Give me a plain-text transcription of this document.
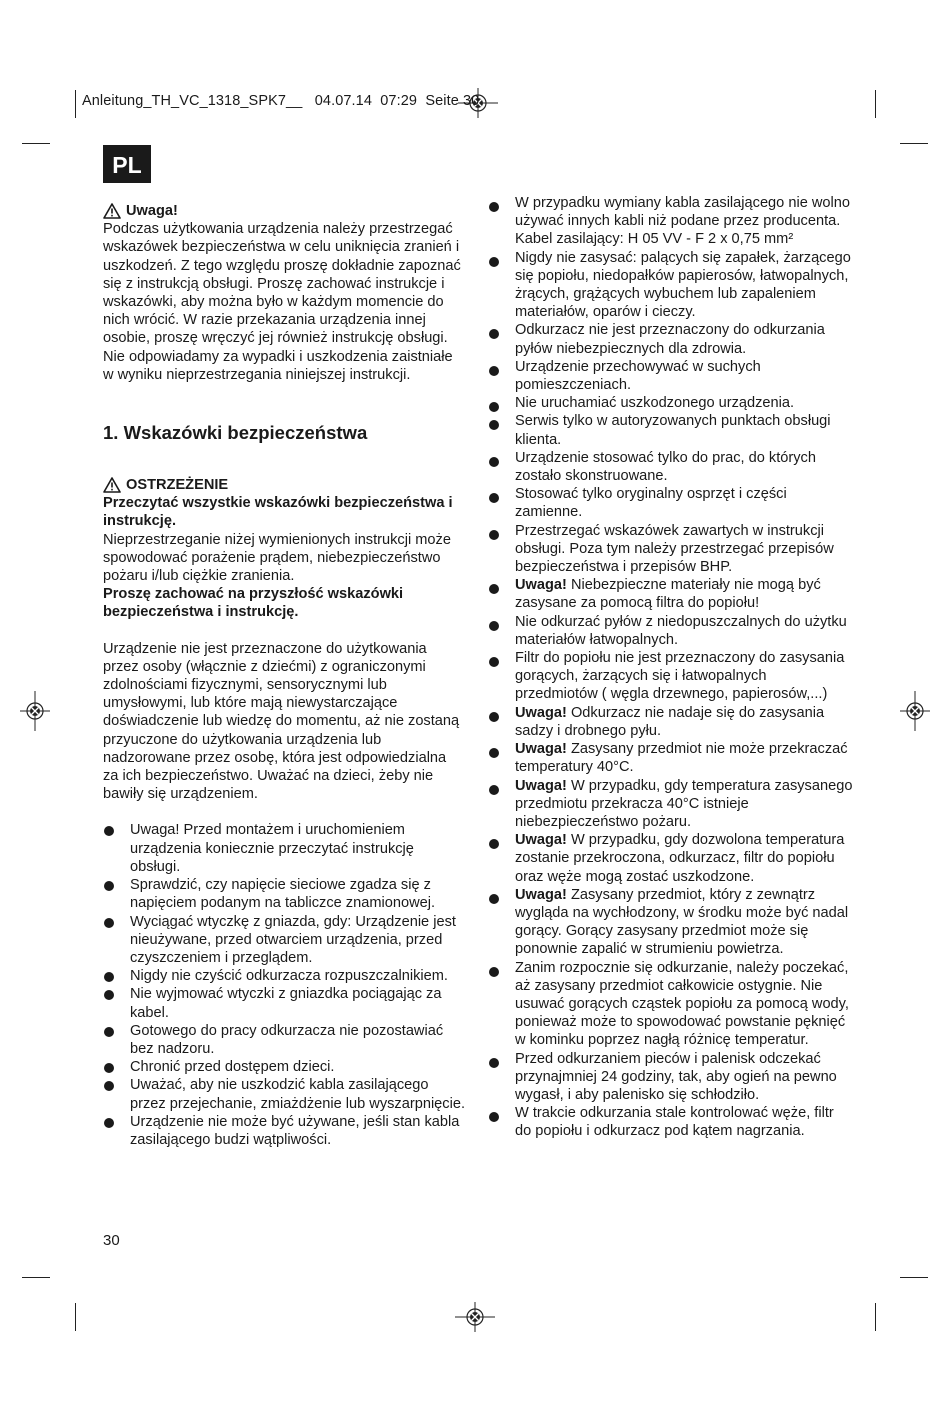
Anleitung_TH_VC_1318_SPK7__ 04.07.14 07:29 Seite 30
PL
Uwaga!

Podczas użytkowania urządzenia należy przestrzegać wskazówek bezpieczeństwa w celu uniknięcia zranień i uszkodzeń. Z tego względu proszę dokładnie zapoznać się z instrukcją obsługi. Proszę zachować instrukcje i wskazówki, aby można było w każdym momencie do nich wrócić. W razie przekazania urządzenia innej osobie, proszę wręczyć jej również instrukcję obsługi.

Nie odpowiadamy za wypadki i uszkodzenia zaistniałe w wyniku nieprzestrzegania niniejszej instrukcji.

1. Wskazówki bezpieczeństwa
OSTRZEŻENIE

Przeczytać wszystkie wskazówki bezpieczeństwa i instrukcję.

Nieprzestrzeganie niżej wymienionych instrukcji może spowodować porażenie prądem, niebezpieczeństwo pożaru i/lub ciężkie zranienia.

Proszę zachować na przyszłość wskazówki bezpieczeństwa i instrukcję.

Urządzenie nie jest przeznaczone do użytkowania przez osoby (włącznie z dziećmi) z ograniczonymi zdolnościami fizycznymi, sensorycznymi lub umysłowymi, lub które mają niewystarczające doświadczenie lub wiedzę do momentu, aż nie zostaną przyuczone do użytkowania urządzenia lub nadzorowane przez osobę, która jest odpowiedzialna za ich bezpieczeństwo. Uważać na dzieci, żeby nie bawiły się urządzeniem.

Uwaga! Przed montażem i uruchomieniem urządzenia koniecznie przeczytać instrukcję obsługi.
Sprawdzić, czy napięcie sieciowe zgadza się z napięciem podanym na tabliczce znamionowej.
Wyciągać wtyczkę z gniazda, gdy: Urządzenie jest nieużywane, przed otwarciem urządzenia, przed czyszczeniem i przeglądem.
Nigdy nie czyścić odkurzacza rozpuszczalnikiem.
Nie wyjmować wtyczki z gniazdka pociągając za kabel.
Gotowego do pracy odkurzacza nie pozostawiać bez nadzoru.
Chronić przed dostępem dzieci.
Uważać, aby nie uszkodzić kabla zasilającego przez przejechanie, zmiażdżenie lub wyszarpnięcie.
Urządzenie nie może być używane, jeśli stan kabla zasilającego budzi wątpliwości.
W przypadku wymiany kabla zasilającego nie wolno używać innych kabli niż podane przez producenta.
Kabel zasilający: H 05 VV - F 2 x 0,75 mm²
Nigdy nie zasysać: palących się zapałek, żarzącego się popiołu, niedopałków papierosów, łatwopalnych, żrących, grążących wybuchem lub zapaleniem materiałów, oparów i cieczy.
Odkurzacz nie jest przeznaczony do odkurzania pyłów niebezpiecznych dla zdrowia.
Urządzenie przechowywać w suchych pomieszczeniach.
Nie uruchamiać uszkodzonego urządzenia.
Serwis tylko w autoryzowanych punktach obsługi klienta.
Urządzenie stosować tylko do prac, do których zostało skonstruowane.
Stosować tylko oryginalny osprzęt i części zamienne.
Przestrzegać wskazówek zawartych w instrukcji obsługi. Poza tym należy przestrzegać przepisów bezpieczeństwa i przepisów BHP.
Uwaga! Niebezpieczne materiały nie mogą być zasysane za pomocą filtra do popiołu!
Nie odkurzać pyłów z niedopuszczalnych do użytku materiałów łatwopalnych.
Filtr do popiołu nie jest przeznaczony do zasysania gorących, żarzących się i łatwopalnych przedmiotów ( węgla drzewnego, papierosów,...)
Uwaga! Odkurzacz nie nadaje się do zasysania sadzy i drobnego pyłu.
Uwaga! Zasysany przedmiot nie może przekraczać temperatury 40°C.
Uwaga! W przypadku, gdy temperatura zasysanego przedmiotu przekracza 40°C istnieje niebezpieczeństwo pożaru.
Uwaga! W przypadku, gdy dozwolona temperatura zostanie przekroczona, odkurzacz, filtr do popiołu oraz węże mogą zostać uszkodzone.
Uwaga! Zasysany przedmiot, który z zewnątrz wygląda na wychłodzony, w środku może być nadal gorący. Gorący zasysany przedmiot może się ponownie zapalić w strumieniu powietrza.
Zanim rozpocznie się odkurzanie, należy poczekać, aż zasysany przedmiot całkowicie ostygnie. Nie usuwać gorących cząstek popiołu za pomocą wody, ponieważ może to spowodować powstanie pęknięć w kominku poprzez nagłą różnicę temperatur.
Przed odkurzaniem pieców i palenisk odczekać przynajmniej 24 godziny, tak, aby ogień na pewno wygasł, i aby palenisko się schłodziło.
W trakcie odkurzania stale kontrolować węże, filtr do popiołu i odkurzacz pod kątem nagrzania.
30
